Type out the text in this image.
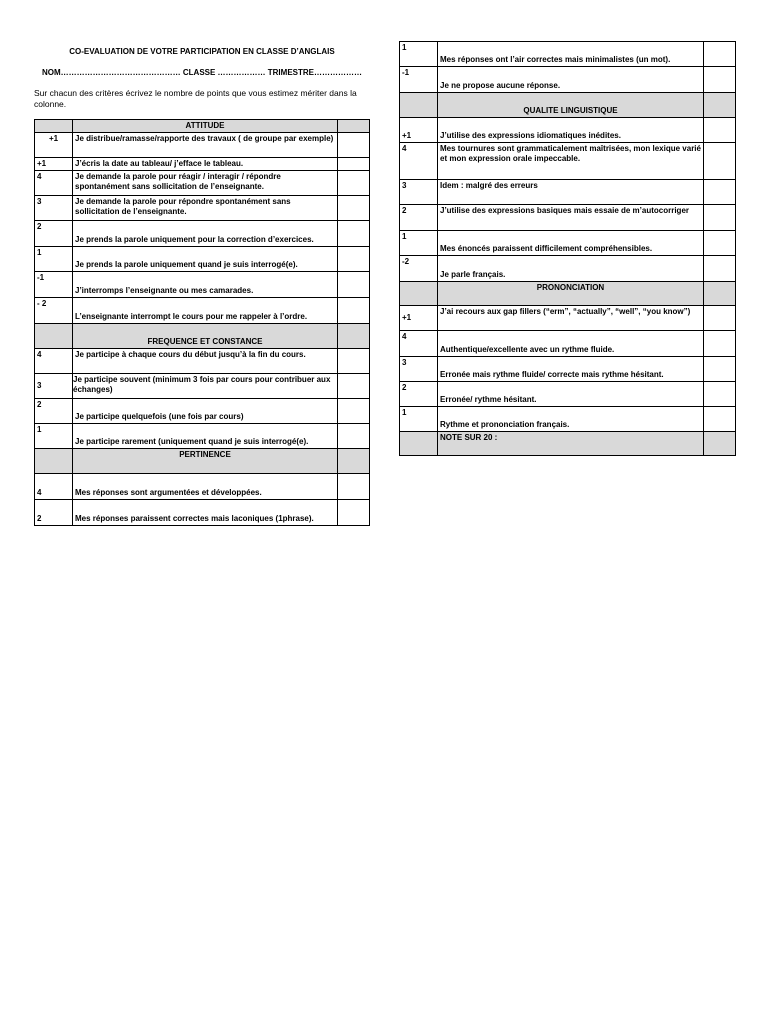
CO-EVALUATION DE VOTRE PARTICIPATION EN CLASSE D’ANGLAIS
NOM……………………………………… CLASSE ……………… TRIMESTRE………………
Sur chacun des critères écrivez le nombre de points que vous estimez mériter dans la colonne.
	ATTITUDE	
+1	Je distribue/ramasse/rapporte des travaux ( de groupe par exemple)	
+1	J’écris la date au tableau/ j’efface le tableau.	
4	Je demande la parole pour réagir / interagir / répondre spontanément sans sollicitation de l’enseignante.	
3	Je demande la parole pour répondre spontanément sans sollicitation de l’enseignante.	
2	Je prends la parole uniquement pour la correction d’exercices.	
1	Je prends la parole uniquement quand je suis interrogé(e).	
-1	J’interromps l’enseignante ou mes camarades.	
- 2	L’enseignante interrompt le cours pour me rappeler à l’ordre.	
	FREQUENCE ET CONSTANCE	
4	Je participe à chaque cours du début jusqu’à la fin du cours.	
3	Je participe souvent (minimum 3 fois par cours pour contribuer aux échanges)	
2	Je participe quelquefois (une fois par cours)	
1	Je participe rarement (uniquement quand je suis interrogé(e).	
	PERTINENCE	
4	Mes réponses sont argumentées et développées.	
2	Mes réponses paraissent correctes mais laconiques (1phrase).	
1	Mes réponses ont l’air correctes mais minimalistes (un mot).	
-1	Je ne propose aucune réponse.	
	QUALITE LINGUISTIQUE	
+1	J’utilise des expressions idiomatiques inédites.	
4	Mes tournures sont grammaticalement maîtrisées, mon lexique varié et mon expression orale impeccable.	
3	Idem : malgré des erreurs	
2	J’utilise des expressions basiques mais essaie de m’autocorriger	
1	Mes énoncés paraissent difficilement compréhensibles.	
-2	Je parle français.	
	PRONONCIATION	
+1	J’ai recours aux gap fillers (“erm”, “actually”, “well”, “you know”)	
4	Authentique/excellente avec un rythme fluide.	
3	Erronée mais rythme fluide/ correcte mais rythme hésitant.	
2	Erronée/ rythme hésitant.	
1	Rythme et prononciation français.	
	NOTE SUR 20 :	
